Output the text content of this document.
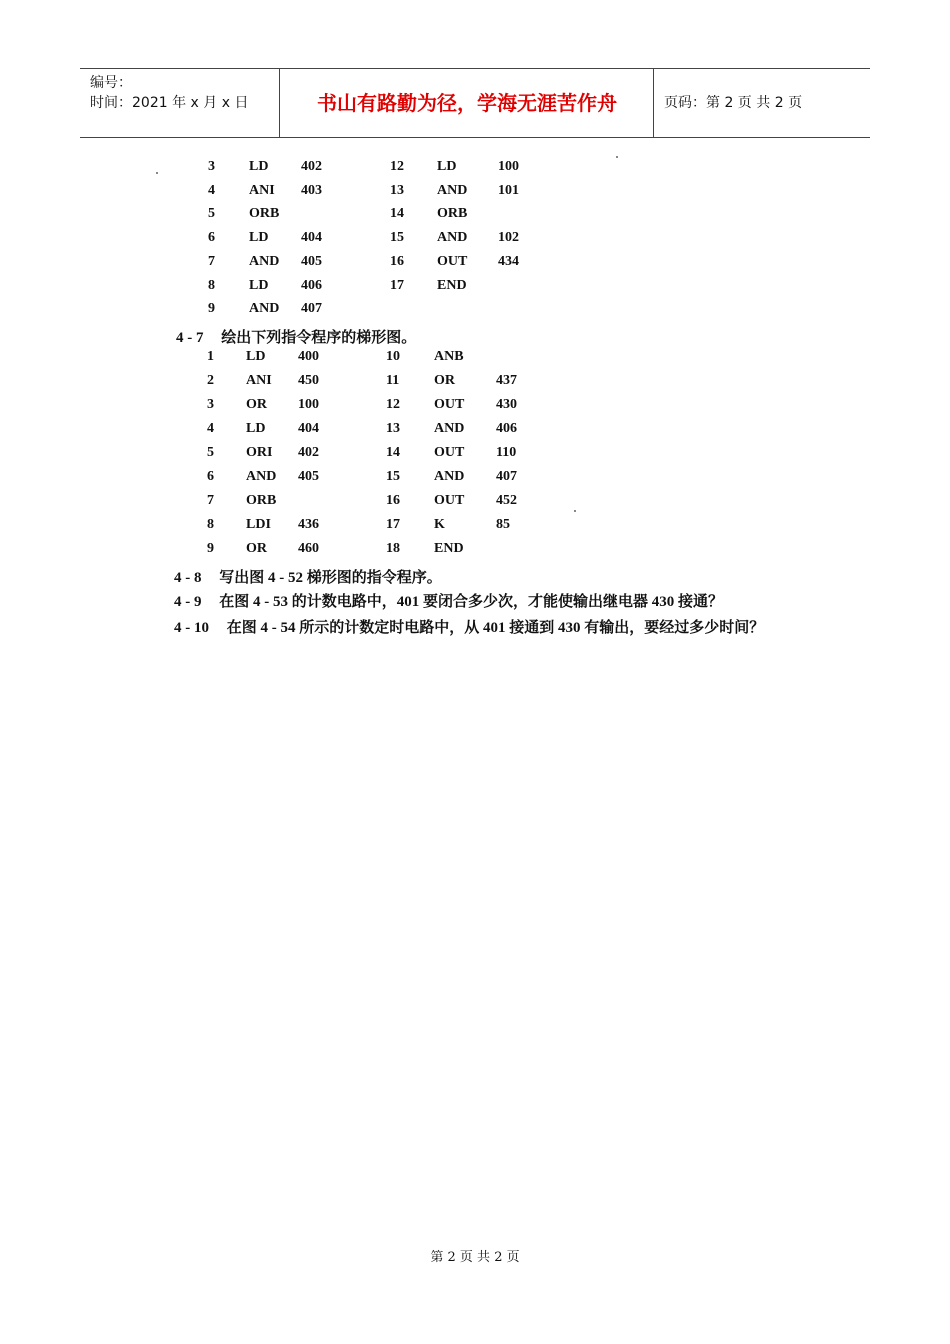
编号：
时间：2021 年 x 月 x 日	书山有路勤为径，学海无涯苦作舟	页码：第 2 页 共 2 页
3 LD 402	12 LD	100
4 ANI 403	13 AND 101
5 ORB	14 ORB
6 LD 404	15 AND 102
7 AND 405	16 OUT 434
8 LD 406	17 END
9 AND 407
4 - 7 绘出下列指令程序的梯形图。
1 LD 400	10 ANB
2 ANI 450	11 OR	437
3 OR 100	12 OUT 430
4 LD 404	13 AND 406
5 ORI 402	14 OUT 110
6 AND 405	15 AND 407
7 ORB	16 OUT 452
8 LDI 436	17 K	85
9 OR 460	18 END
4 - 8 写出图 4 - 52 梯形图的指令程序。
4 - 9 在图 4 - 53 的计数电路中，401 要闭合多少次，才能使输出继电器 430 接通？
4 - 10 在图 4 - 54 所示的计数定时电路中，从 401 接通到 430 有输出，要经过多少时间？
第 2 页 共 2 页
